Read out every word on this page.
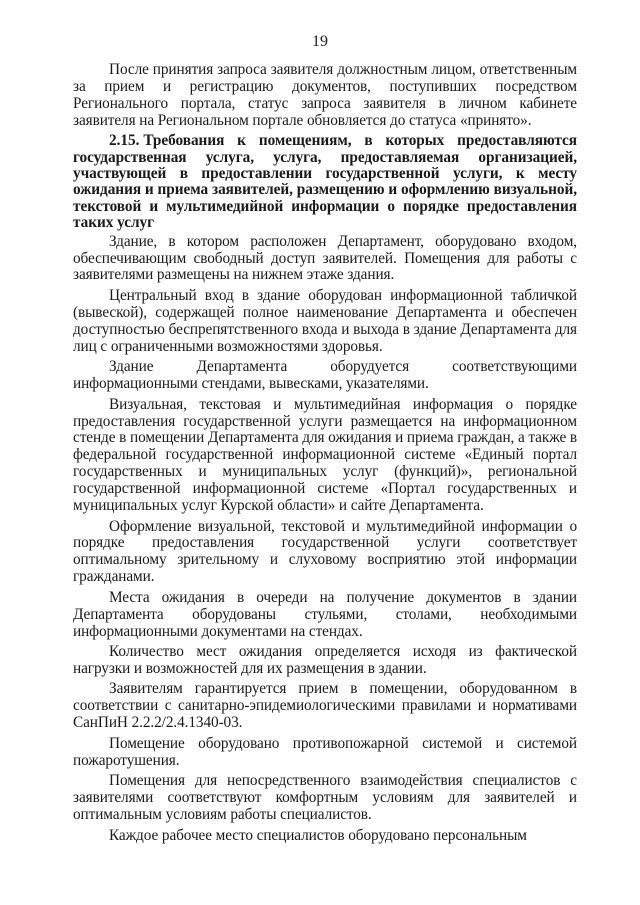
19

После принятия запроса заявителя должностным лицом, ответственным за прием и регистрацию документов, поступивших посредством Регионального портала, статус запроса заявителя в личном кабинете заявителя на Региональном портале обновляется до статуса «принято».

2.15. Требования к помещениям, в которых предоставляются государственная услуга, услуга, предоставляемая организацией, участвующей в предоставлении государственной услуги, к месту ожидания и приема заявителей, размещению и оформлению визуальной, текстовой и мультимедийной информации о порядке предоставления таких услуг

Здание, в котором расположен Департамент, оборудовано входом, обеспечивающим свободный доступ заявителей. Помещения для работы с заявителями размещены на нижнем этаже здания.

Центральный вход в здание оборудован информационной табличкой (вывеской), содержащей полное наименование Департамента и обеспечен доступностью беспрепятственного входа и выхода в здание Департамента для лиц с ограниченными возможностями здоровья.

Здание Департамента оборудуется соответствующими информационными стендами, вывесками, указателями.

Визуальная, текстовая и мультимедийная информация о порядке предоставления государственной услуги размещается на информационном стенде в помещении Департамента для ожидания и приема граждан, а также в федеральной государственной информационной системе «Единый портал государственных и муниципальных услуг (функций)», региональной государственной информационной системе «Портал государственных и муниципальных услуг Курской области» и сайте Департамента.

Оформление визуальной, текстовой и мультимедийной информации о порядке предоставления государственной услуги соответствует оптимальному зрительному и слуховому восприятию этой информации гражданами.

Места ожидания в очереди на получение документов в здании Департамента оборудованы стульями, столами, необходимыми информационными документами на стендах.

Количество мест ожидания определяется исходя из фактической нагрузки и возможностей для их размещения в здании.

Заявителям гарантируется прием в помещении, оборудованном в соответствии с санитарно-эпидемиологическими правилами и нормативами СанПиН 2.2.2/2.4.1340-03.

Помещение оборудовано противопожарной системой и системой пожаротушения.

Помещения для непосредственного взаимодействия специалистов с заявителями соответствуют комфортным условиям для заявителей и оптимальным условиям работы специалистов.

Каждое рабочее место специалистов оборудовано персональным
